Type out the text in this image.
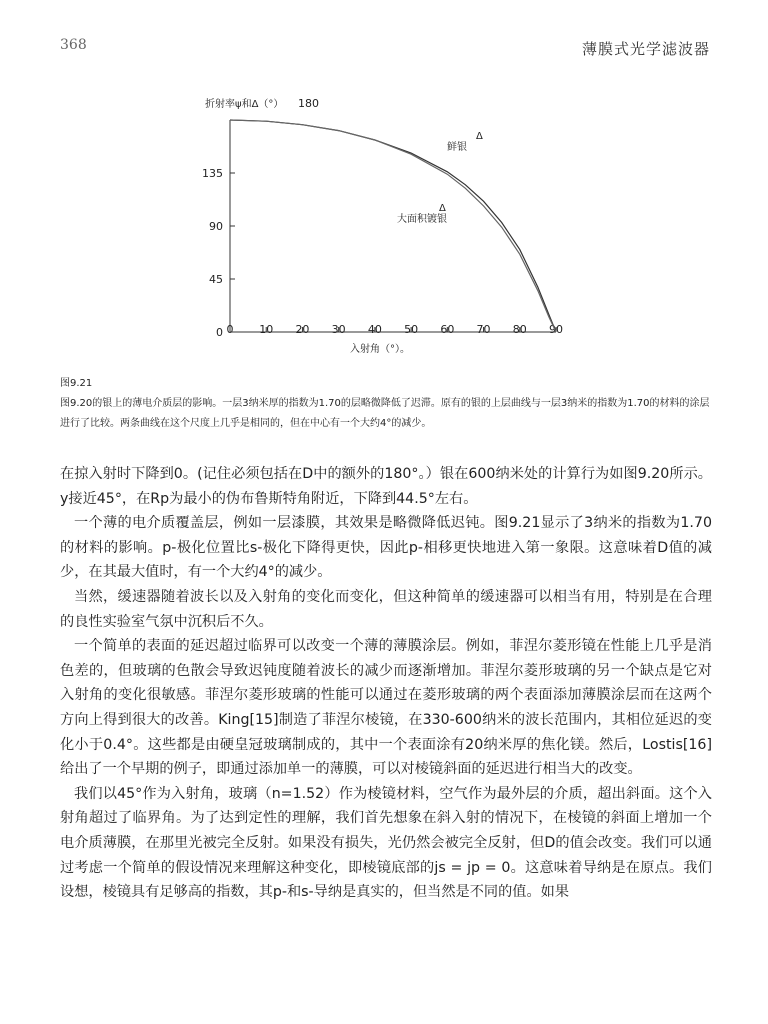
368	薄膜式光学滤波器
0 10 20 30 40 50 60 70 80 90
0
45
90
135
180
折射率ψ和Δ（°）
入射角（°）。
Δ
鲜银
Δ
大面积镀银
图9.21
图9.20的银上的薄电介质层的影响。一层3纳米厚的指数为1.70的层略微降低了迟滞。原有的银的上层曲线与一层3纳米的指数为1.70的材料的涂层进行了比较。两条曲线在这个尺度上几乎是相同的，但在中心有一个大约4°的减少。

在掠入射时下降到0。(记住必须包括在D中的额外的180°。）银在600纳米处的计算行为如图9.20所示。y接近45°，在Rp为最小的伪布鲁斯特角附近，下降到44.5°左右。

一个薄的电介质覆盖层，例如一层漆膜，其效果是略微降低迟钝。图9.21显示了3纳米的指数为1.70的材料的影响。p-极化位置比s-极化下降得更快，因此p-相移更快地进入第一象限。这意味着D值的减少，在其最大值时，有一个大约4°的减少。

当然，缓速器随着波长以及入射角的变化而变化，但这种简单的缓速器可以相当有用，特别是在合理的良性实验室气氛中沉积后不久。

一个简单的表面的延迟超过临界可以改变一个薄的薄膜涂层。例如，菲涅尔菱形镜在性能上几乎是消色差的，但玻璃的色散会导致迟钝度随着波长的减少而逐渐增加。菲涅尔菱形玻璃的另一个缺点是它对入射角的变化很敏感。菲涅尔菱形玻璃的性能可以通过在菱形玻璃的两个表面添加薄膜涂层而在这两个方向上得到很大的改善。King[15]制造了菲涅尔棱镜，在330-600纳米的波长范围内，其相位延迟的变化小于0.4°。这些都是由硬皇冠玻璃制成的，其中一个表面涂有20纳米厚的焦化镁。然后，Lostis[16]给出了一个早期的例子，即通过添加单一的薄膜，可以对棱镜斜面的延迟进行相当大的改变。

我们以45°作为入射角，玻璃（n=1.52）作为棱镜材料，空气作为最外层的介质，超出斜面。这个入射角超过了临界角。为了达到定性的理解，我们首先想象在斜入射的情况下，在棱镜的斜面上增加一个电介质薄膜，在那里光被完全反射。如果没有损失，光仍然会被完全反射，但D的值会改变。我们可以通过考虑一个简单的假设情况来理解这种变化，即棱镜底部的js = jp = 0。这意味着导纳是在原点。我们设想，棱镜具有足够高的指数，其p-和s-导纳是真实的，但当然是不同的值。如果
